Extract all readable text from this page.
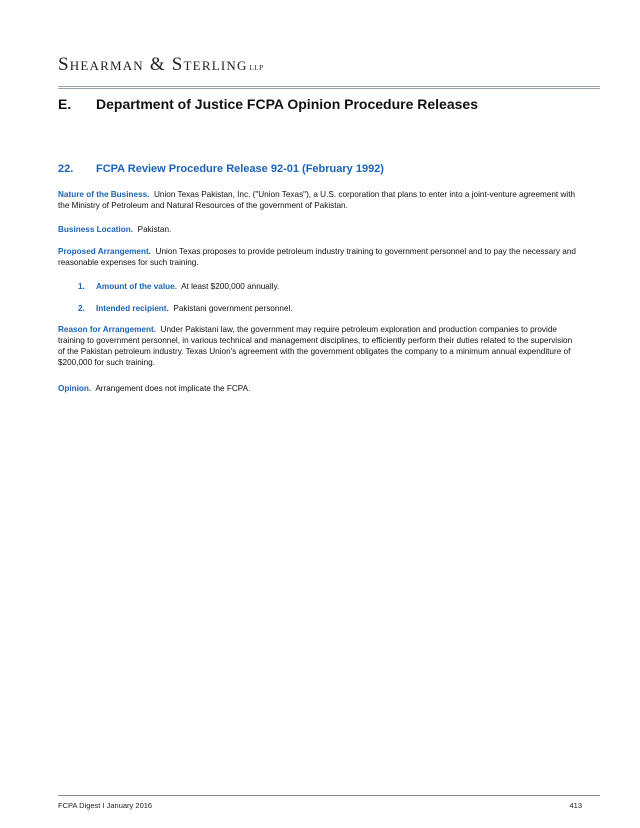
Shearman & Sterling LLP
E. Department of Justice FCPA Opinion Procedure Releases
22. FCPA Review Procedure Release 92-01 (February 1992)
Nature of the Business. Union Texas Pakistan, Inc. ("Union Texas"), a U.S. corporation that plans to enter into a joint-venture agreement with the Ministry of Petroleum and Natural Resources of the government of Pakistan.
Business Location. Pakistan.
Proposed Arrangement. Union Texas proposes to provide petroleum industry training to government personnel and to pay the necessary and reasonable expenses for such training.
1. Amount of the value. At least $200,000 annually.
2. Intended recipient. Pakistani government personnel.
Reason for Arrangement. Under Pakistani law, the government may require petroleum exploration and production companies to provide training to government personnel, in various technical and management disciplines, to efficiently perform their duties related to the supervision of the Pakistan petroleum industry. Texas Union's agreement with the government obligates the company to a minimum annual expenditure of $200,000 for such training.
Opinion. Arrangement does not implicate the FCPA.
FCPA Digest I January 2016	413
